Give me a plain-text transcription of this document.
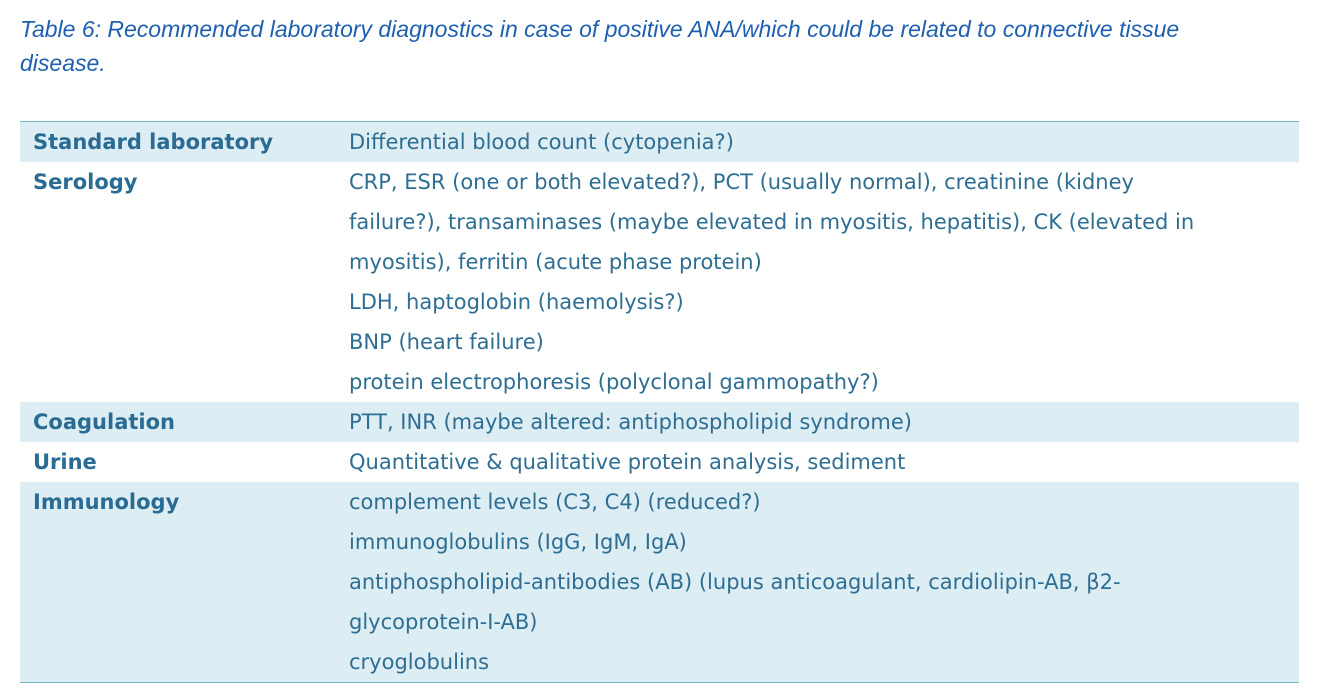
Table 6: Recommended laboratory diagnostics in case of positive ANA/which could be related to connective tissue
disease.
Standard laboratory	Differential blood count (cytopenia?)
Serology	CRP, ESR (one or both elevated?), PCT (usually normal), creatinine (kidney
failure?), transaminases (maybe elevated in myositis, hepatitis), CK (elevated in
myositis), ferritin (acute phase protein)
LDH, haptoglobin (haemolysis?)
BNP (heart failure)
protein electrophoresis (polyclonal gammopathy?)
Coagulation	PTT, INR (maybe altered: antiphospholipid syndrome)
Urine	Quantitative & qualitative protein analysis, sediment
Immunology	complement levels (C3, C4) (reduced?)
immunoglobulins (IgG, IgM, IgA)
antiphospholipid-antibodies (AB) (lupus anticoagulant, cardiolipin-AB, β2-
glycoprotein-I-AB)
cryoglobulins
